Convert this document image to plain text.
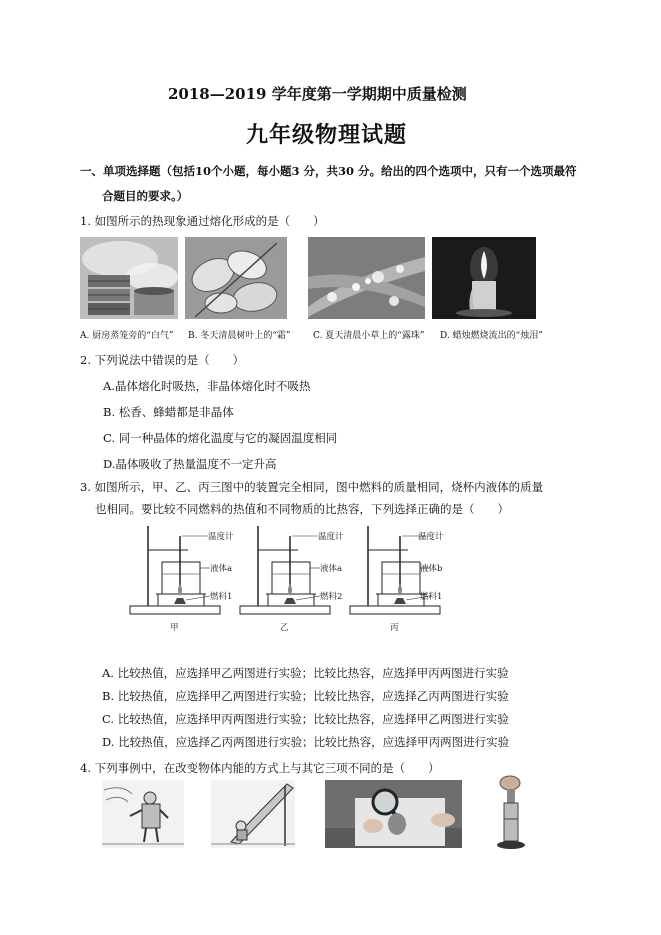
2018—2019 学年度第一学期期中质量检测
九年级物理试题
一、单项选择题（包括10个小题，每小题3 分，共30 分。给出的四个选项中，只有一个选项最符
合题目的要求。）
1. 如图所示的热现象通过熔化形成的是（　　）
A. 厨房蒸笼旁的“白气” B. 冬天清晨树叶上的“霜” C. 夏天清晨小草上的“露珠” D. 蜡烛燃烧流出的“烛泪”
2. 下列说法中错误的是（　　）
A.晶体熔化时吸热，非晶体熔化时不吸热
B. 松香、蜂蜡都是非晶体
C. 同一种晶体的熔化温度与它的凝固温度相同
D.晶体吸收了热量温度不一定升高
3. 如图所示，甲、乙、丙三图中的装置完全相同，图中燃料的质量相同，烧杯内液体的质量
也相同。要比较不同燃料的热值和不同物质的比热容，下列选择正确的是（　　）
温度计
液体a
燃料1
甲
温度计
液体a
燃料2
乙
温度计
液体b
燃料1
丙
A. 比较热值，应选择甲乙两图进行实验；比较比热容，应选择甲丙两图进行实验
B. 比较热值，应选择甲乙两图进行实验；比较比热容，应选择乙丙两图进行实验
C. 比较热值，应选择甲丙两图进行实验；比较比热容，应选择甲乙两图进行实验
D. 比较热值，应选择乙丙两图进行实验；比较比热容，应选择甲丙两图进行实验
4. 下列事例中，在改变物体内能的方式上与其它三项不同的是（　　）
